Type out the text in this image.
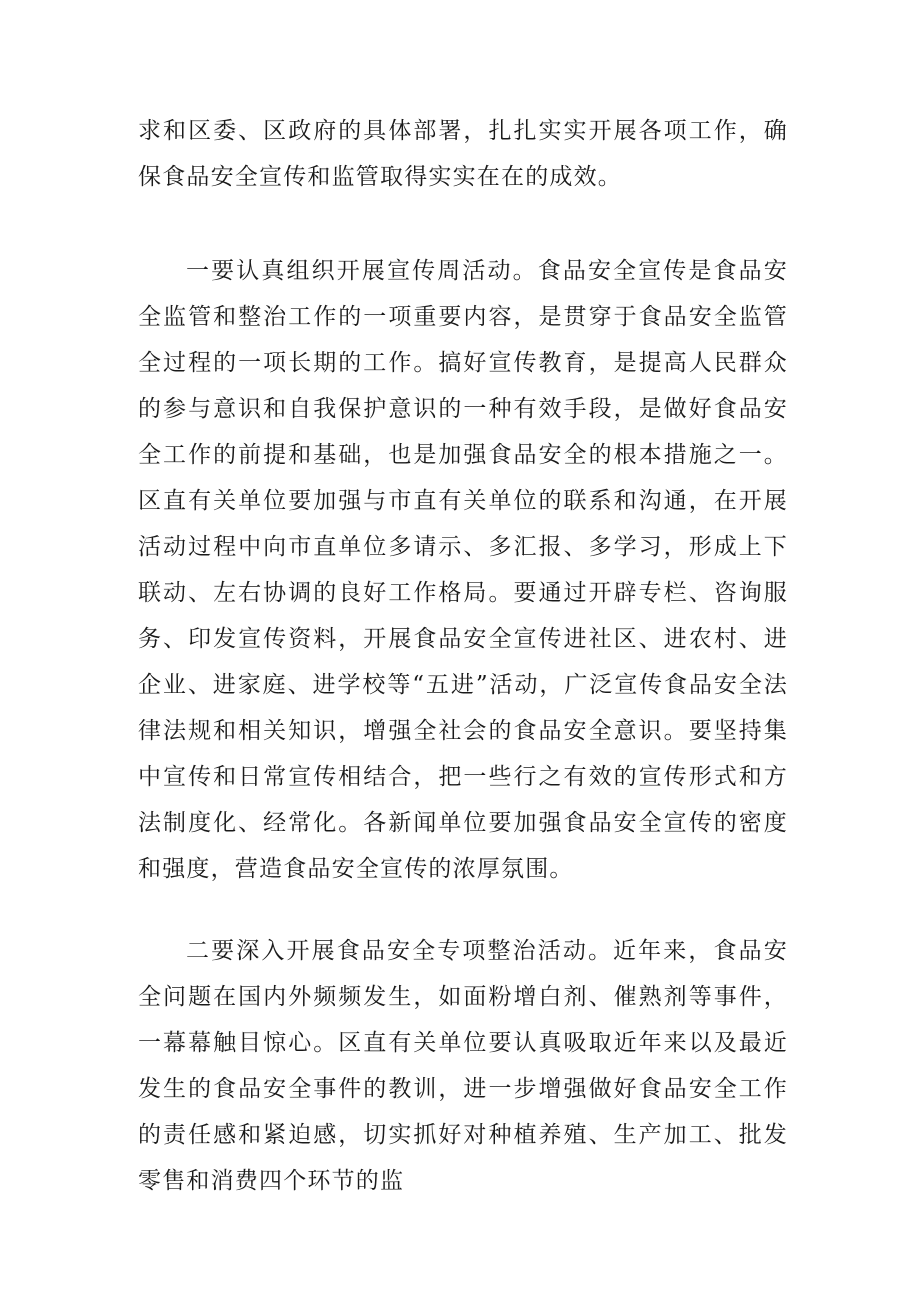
求和区委、区政府的具体部署，扎扎实实开展各项工作，确保食品安全宣传和监管取得实实在在的成效。

一要认真组织开展宣传周活动。食品安全宣传是食品安全监管和整治工作的一项重要内容，是贯穿于食品安全监管全过程的一项长期的工作。搞好宣传教育，是提高人民群众的参与意识和自我保护意识的一种有效手段，是做好食品安全工作的前提和基础，也是加强食品安全的根本措施之一。区直有关单位要加强与市直有关单位的联系和沟通，在开展活动过程中向市直单位多请示、多汇报、多学习，形成上下联动、左右协调的良好工作格局。要通过开辟专栏、咨询服务、印发宣传资料，开展食品安全宣传进社区、进农村、进企业、进家庭、进学校等“五进”活动，广泛宣传食品安全法律法规和相关知识，增强全社会的食品安全意识。要坚持集中宣传和日常宣传相结合，把一些行之有效的宣传形式和方法制度化、经常化。各新闻单位要加强食品安全宣传的密度和强度，营造食品安全宣传的浓厚氛围。

二要深入开展食品安全专项整治活动。近年来，食品安全问题在国内外频频发生，如面粉增白剂、催熟剂等事件，一幕幕触目惊心。区直有关单位要认真吸取近年来以及最近发生的食品安全事件的教训，进一步增强做好食品安全工作的责任感和紧迫感，切实抓好对种植养殖、生产加工、批发零售和消费四个环节的监
